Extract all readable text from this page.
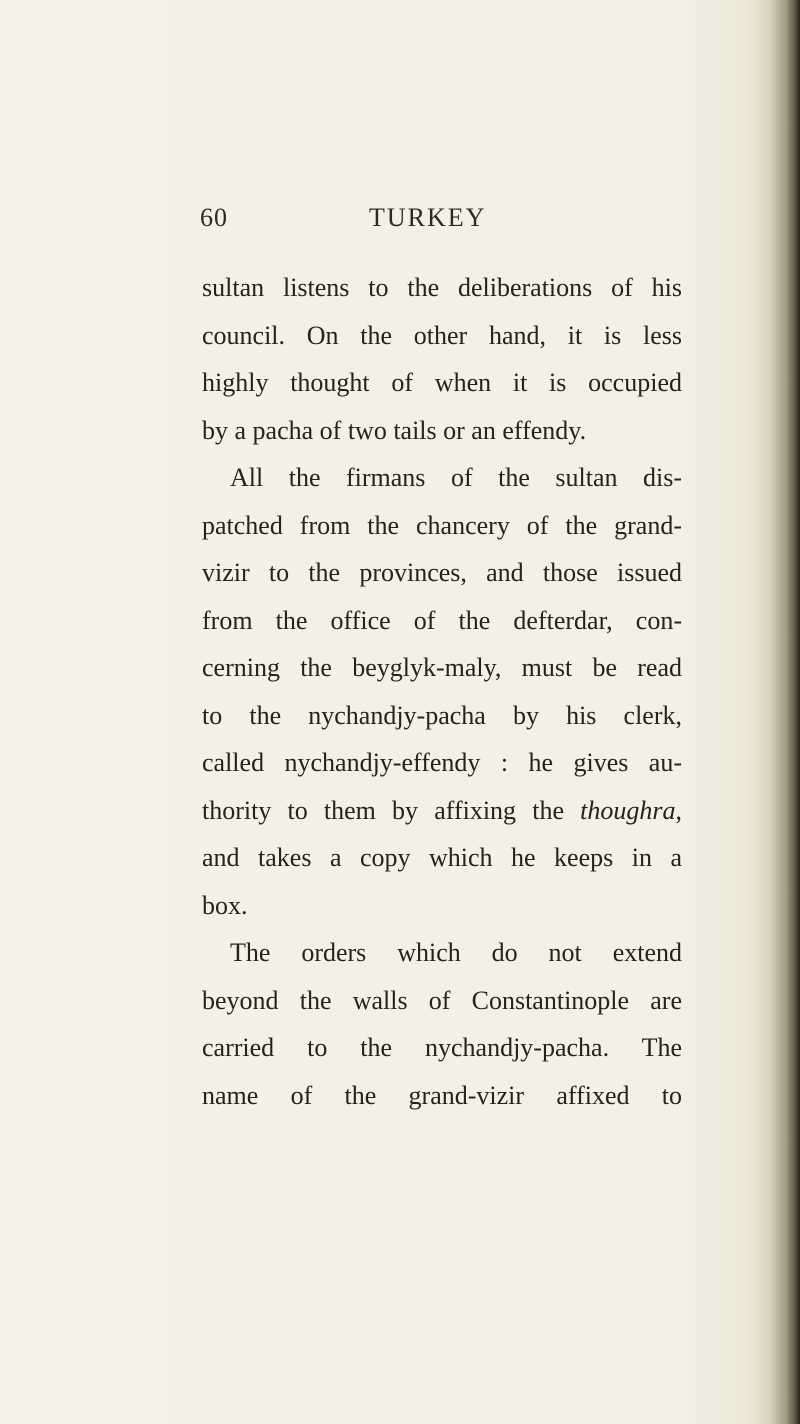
60	TURKEY
sultan listens to the deliberations of his
council. On the other hand, it is less
highly thought of when it is occupied
by a pacha of two tails or an effendy.
All the firmans of the sultan dis-
patched from the chancery of the grand-
vizir to the provinces, and those issued
from the office of the defterdar, con-
cerning the beyglyk-maly, must be read
to the nychandjy-pacha by his clerk,
called nychandjy-effendy : he gives au-
thority to them by affixing the thoughra,
and takes a copy which he keeps in a
box.
The orders which do not extend
beyond the walls of Constantinople are
carried to the nychandjy-pacha. The
name of the grand-vizir affixed to
